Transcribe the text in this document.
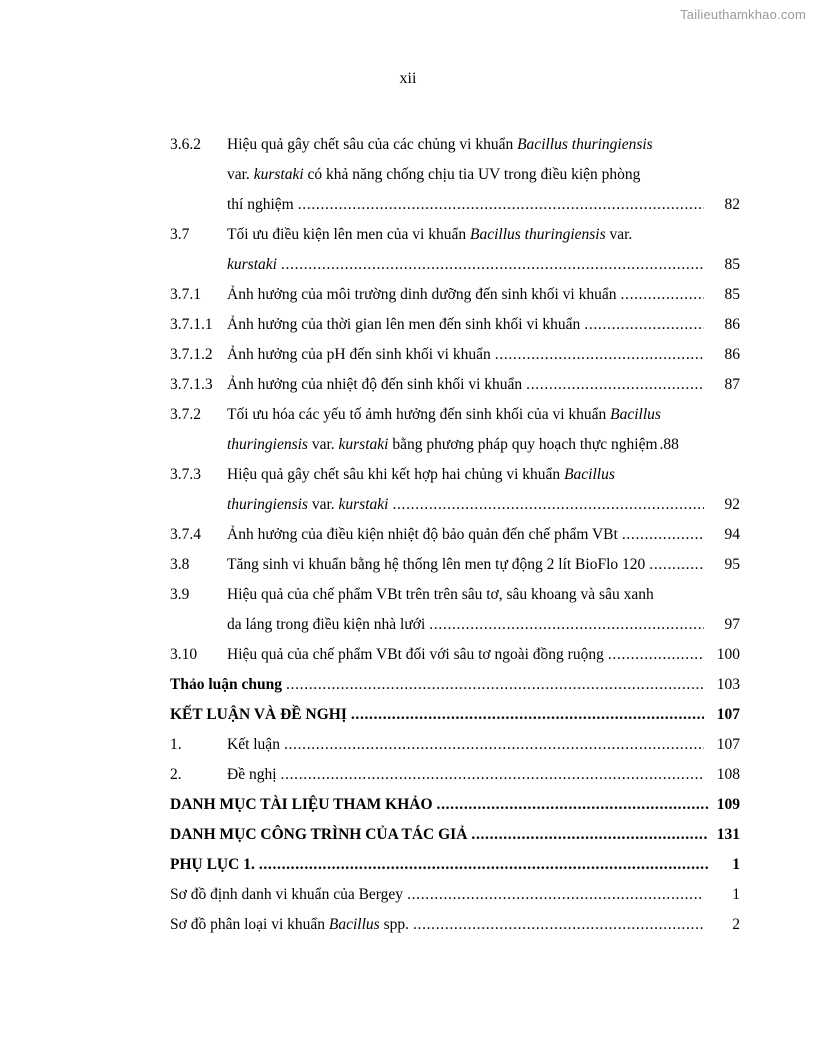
Tailieuthamkhao.com
xii
3.6.2	Hiệu quả gây chết sâu của các chủng vi khuẩn Bacillus thuringiensis
var. kurstaki có khả năng chống chịu tia UV trong điều kiện phòng
thí nghiệm . . .	82
3.7	Tối ưu điều kiện lên men của vi khuẩn Bacillus thuringiensis var.
kurstaki . . .	85
3.7.1	Ảnh hưởng của môi trường dinh dưỡng đến sinh khối vi khuẩn . . .	85
3.7.1.1 Ảnh hưởng của thời gian lên men đến sinh khối vi khuẩn . . .	86
3.7.1.2 Ảnh hưởng của pH đến sinh khối vi khuẩn . . .	86
3.7.1.3 Ảnh hưởng của nhiệt độ đến sinh khối vi khuẩn . . .	87
3.7.2	Tối ưu hóa các yếu tố ảmh hưởng đến sinh khối của vi khuẩn Bacillus
thuringiensis var. kurstaki bằng phương pháp quy hoạch thực nghiệm .88
3.7.3	Hiệu quả gây chết sâu khi kết hợp hai chủng vi khuẩn Bacillus
thuringiensis var. kurstaki . . .	92
3.7.4	Ảnh hưởng của điều kiện nhiệt độ bảo quản đến chế phẩm VBt . . .	94
3.8	Tăng sinh vi khuẩn bằng hệ thống lên men tự động 2 lít BioFlo 120 . . .	95
3.9	Hiệu quả của chế phẩm VBt trên trên sâu tơ, sâu khoang và sâu xanh
da láng trong điều kiện nhà lưới . . .	97
3.10	Hiệu quả của chế phẩm VBt đối với sâu tơ ngoài đồng ruộng . . .	100
Thảo luận chung . . .	103
KẾT LUẬN VÀ ĐỀ NGHỊ . . .	107
1.	Kết luận . . .	107
2.	Đề nghị . . .	108
DANH MỤC TÀI LIỆU THAM KHẢO . . .	109
DANH MỤC CÔNG TRÌNH CỦA TÁC GIẢ . . .	131
PHỤ LỤC 1. . . .	1
Sơ đồ định danh vi khuẩn của Bergey . . .	1
Sơ đồ phân loại vi khuẩn Bacillus spp. . . .	2
